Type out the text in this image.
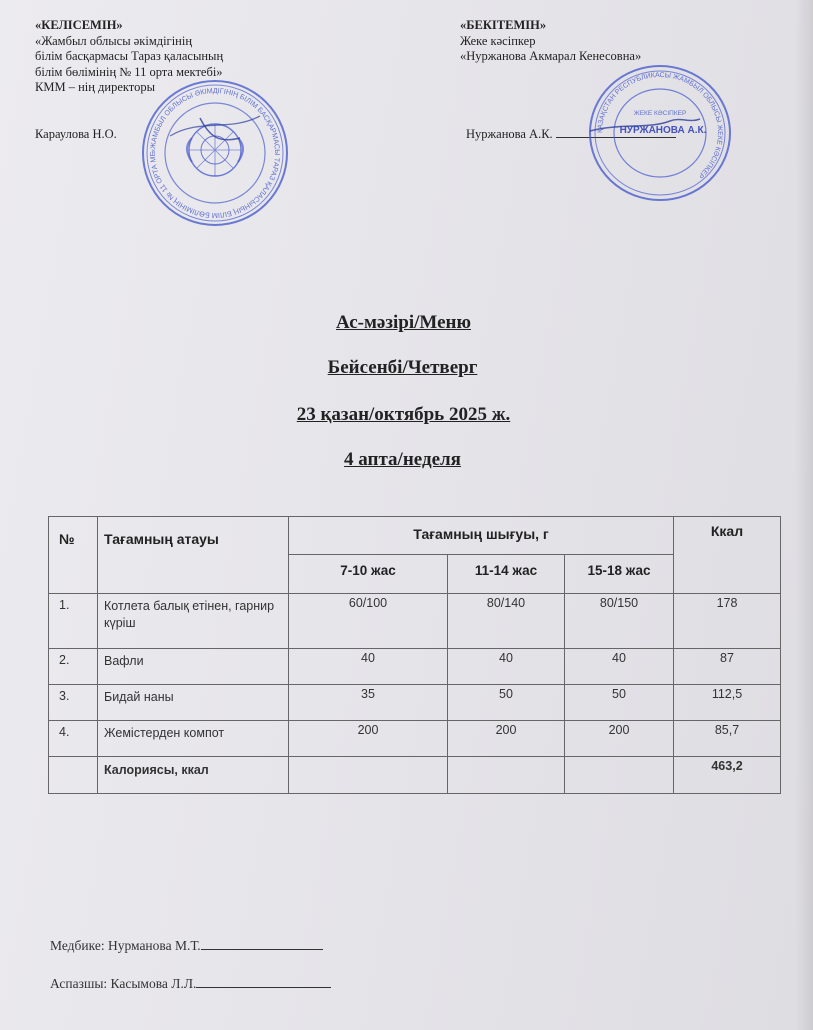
«КЕЛІСЕМІН»
«Жамбыл облысы әкімдігінің
білім басқармасы Тараз қаласының
білім бөлімінің № 11 орта мектебі»
КММ – нің директоры
Караулова Н.О.
«БЕКІТЕМІН»
Жеке кәсіпкер
«Нуржанова Акмарал Кенесовна»
Нуржанова А.К.
«ЖАМБЫЛ ОБЛЫСЫ ӘКІМДІГІНІҢ БІЛІМ БАСҚАРМАСЫ ТАРАЗ ҚАЛАСЫНЫҢ БІЛІМ БӨЛІМІНІҢ № 11 ОРТА МЕ
ҚАЗАҚСТАН РЕСПУБЛИКАСЫ ЖАМБЫЛ ОБЛЫСЫ ЖЕКЕ КӘСІПКЕР
ЖЕКЕ КӘСІПКЕР
НУРЖАНОВА А.К.
Ас-мәзірі/Меню
Бейсенбі/Четверг
23 қазан/октябрь 2025 ж.
4 апта/неделя
№	Тағамның атауы	Тағамның шығуы, г			Ккал
		7-10 жас	11-14 жас	15-18 жас	
1.	Котлета балық етінен, гарнир күріш	60/100	80/140	80/150	178
2.	Вафли	40	40	40	87
3.	Бидай наны	35	50	50	112,5
4.	Жемістерден компот	200	200	200	85,7
	Калориясы, ккал				463,2
Медбике: Нурманова М.Т.
Аспазшы: Касымова Л.Л.
